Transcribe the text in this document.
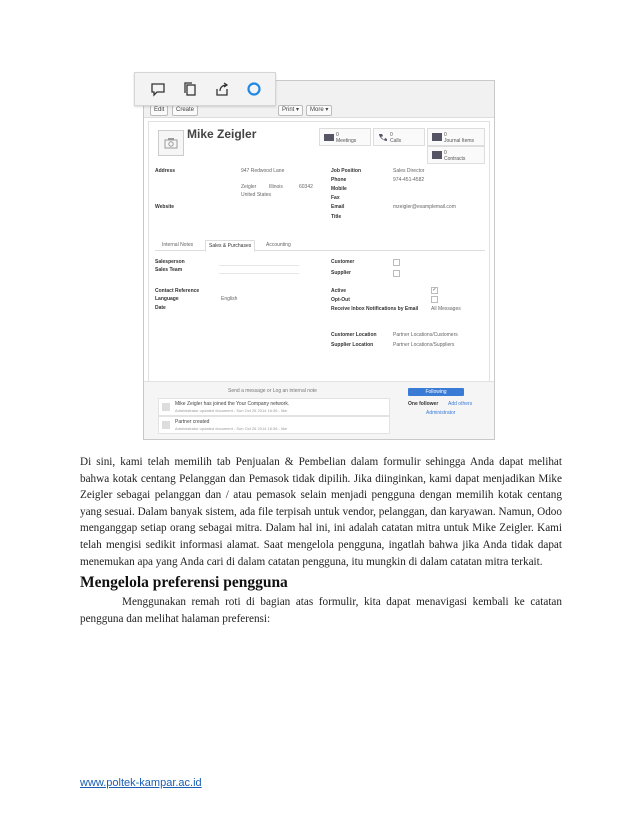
Edit	Create	Print ▾	More ▾
Mike Zeigler	0
Meetings
0
Calls
0
Journal Items
0
Contracts
Address	947 Redwood Lane
Zeigler	Illinois	60342
United States
Website
Job Position	Sales Director
Phone	974-451-4582
Mobile
Fax
Email	mzeigler@examplemail.com
Title
Internal Notes	Sales & Purchases	Accounting
Salesperson
Sales Team
Customer
Supplier
Contact Reference
Language	English
Date
Active	✓
Opt-Out
Receive Inbox Notifications by Email	All Messages
Customer Location	Partner Locations/Customers
Supplier Location	Partner Locations/Suppliers
Send a message or Log an internal note	Following
One follower Add others
Administrator
Mike Zeigler has joined the Your Company network.
Administrator updated document - Sun Oct 26 2014 16:36 - like
Partner created
Administrator updated document - Sun Oct 26 2014 16:36 - like

Di sini, kami telah memilih tab Penjualan & Pembelian dalam formulir sehingga Anda dapat melihat bahwa kotak centang Pelanggan dan Pemasok tidak dipilih. Jika diinginkan, kami dapat menjadikan Mike Zeigler sebagai pelanggan dan / atau pemasok selain menjadi pengguna dengan memilih kotak centang yang sesuai. Dalam banyak sistem, ada file terpisah untuk vendor, pelanggan, dan karyawan. Namun, Odoo menganggap setiap orang sebagai mitra. Dalam hal ini, ini adalah catatan mitra untuk Mike Zeigler. Kami telah mengisi sedikit informasi alamat. Saat mengelola pengguna, ingatlah bahwa jika Anda tidak dapat menemukan apa yang Anda cari di dalam catatan pengguna, itu mungkin di dalam catatan mitra terkait.

Mengelola preferensi pengguna

Menggunakan remah roti di bagian atas formulir, kita dapat menavigasi kembali ke catatan pengguna dan melihat halaman preferensi:

www.poltek-kampar.ac.id
